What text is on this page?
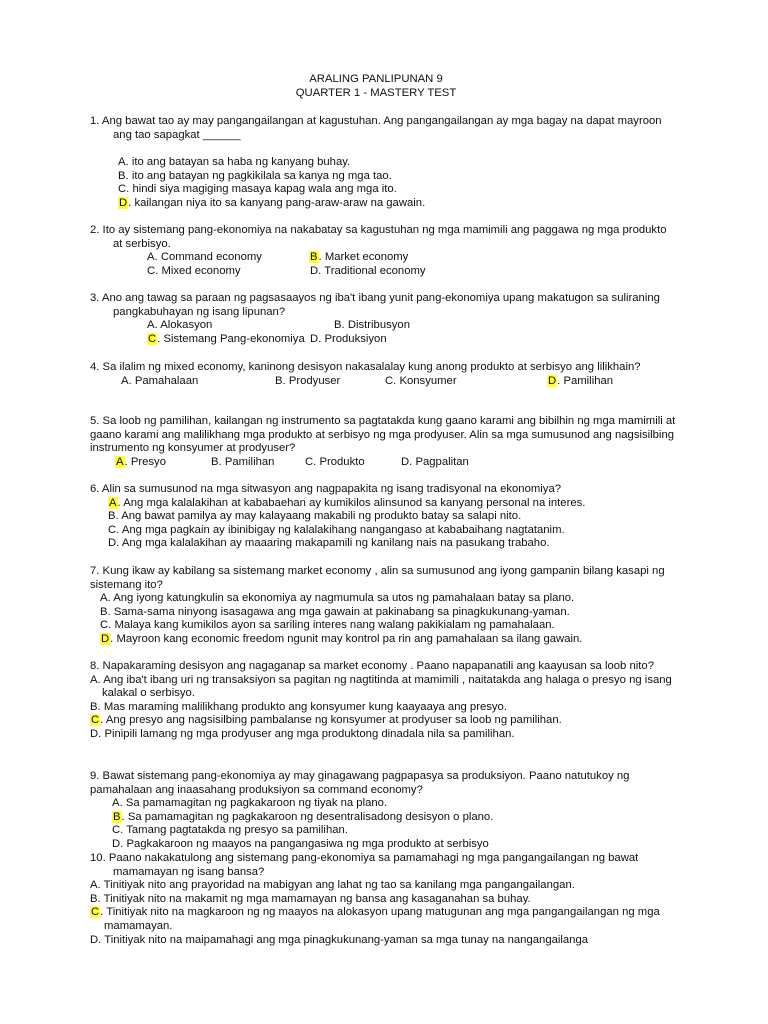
ARALING PANLIPUNAN 9
QUARTER 1 - MASTERY TEST
1. Ang bawat tao ay may pangangailangan at kagustuhan. Ang pangangailangan ay mga bagay na dapat mayroon ang tao sapagkat ______
A. ito ang batayan sa haba ng kanyang buhay.
B. ito ang batayan ng pagkikilala sa kanya ng mga tao.
C. hindi siya magiging masaya kapag wala ang mga ito.
D. kailangan niya ito sa kanyang pang-araw-araw na gawain.
2. Ito ay sistemang pang-ekonomiya na nakabatay sa kagustuhan ng mga mamimili ang paggawa ng mga produkto at serbisyo.
A. Command economy	B. Market economy
C. Mixed economy	D. Traditional economy
3. Ano ang tawag sa paraan ng pagsasaayos ng iba't ibang yunit pang-ekonomiya upang makatugon sa suliraning pangkabuhayan ng isang lipunan?
A. Alokasyon	B. Distribusyon
C. Sistemang Pang-ekonomiya D. Produksiyon
4. Sa ilalim ng mixed economy, kaninong desisyon nakasalalay kung anong produkto at serbisyo ang lilikhain?
A. Pamahalaan	B. Prodyuser	C. Konsyumer	D. Pamilihan
5. Sa loob ng pamilihan, kailangan ng instrumento sa pagtatakda kung gaano karami ang bibilhin ng mga mamimili at gaano karami ang malilikhang mga produkto at serbisyo ng mga prodyuser. Alin sa mga sumusunod ang nagsisilbing instrumento ng konsyumer at prodyuser?
A. Presyo	B. Pamilihan	C. Produkto	D. Pagpalitan
6. Alin sa sumusunod na mga sitwasyon ang nagpapakita ng isang tradisyonal na ekonomiya?
A. Ang mga kalalakihan at kababaehan ay kumikilos alinsunod sa kanyang personal na interes.
B. Ang bawat pamilya ay may kalayaang makabili ng produkto batay sa salapi nito.
C. Ang mga pagkain ay ibinibigay ng kalalakihang nangangaso at kababaihang nagtatanim.
D. Ang mga kalalakihan ay maaaring makapamili ng kanilang nais na pasukang trabaho.
7. Kung ikaw ay kabilang sa sistemang market economy , alin sa sumusunod ang iyong gampanin bilang kasapi ng sistemang ito?
A. Ang iyong katungkulin sa ekonomiya ay nagmumula sa utos ng pamahalaan batay sa plano.
B. Sama-sama ninyong isasagawa ang mga gawain at pakinabang sa pinagkukunang-yaman.
C. Malaya kang kumikilos ayon sa sariling interes nang walang pakikialam ng pamahalaan.
D. Mayroon kang economic freedom ngunit may kontrol pa rin ang pamahalaan sa ilang gawain.
8. Napakaraming desisyon ang nagaganap sa market economy . Paano napapanatili ang kaayusan sa loob nito?
A. Ang iba't ibang uri ng transaksiyon sa pagitan ng nagtitinda at mamimili , naitatakda ang halaga o presyo ng isang kalakal o serbisyo.
B. Mas maraming malilikhang produkto ang konsyumer kung kaayaaya ang presyo.
C. Ang presyo ang nagsisilbing pambalanse ng konsyumer at prodyuser sa loob ng pamilihan.
D. Pinipili lamang ng mga prodyuser ang mga produktong dinadala nila sa pamilihan.
9. Bawat sistemang pang-ekonomiya ay may ginagawang pagpapasya sa produksiyon. Paano natutukoy ng pamahalaan ang inaasahang produksiyon sa command economy?
A. Sa pamamagitan ng pagkakaroon ng tiyak na plano.
B. Sa pamamagitan ng pagkakaroon ng desentralisadong desisyon o plano.
C. Tamang pagtatakda ng presyo sa pamilihan.
D. Pagkakaroon ng maayos na pangangasiwa ng mga produkto at serbisyo
10. Paano nakakatulong ang sistemang pang-ekonomiya sa pamamahagi ng mga pangangailangan ng bawat mamamayan ng isang bansa?
A. Tinitiyak nito ang prayoridad na mabigyan ang lahat ng tao sa kanilang mga pangangailangan.
B. Tinitiyak nito na makamit ng mga mamamayan ng bansa ang kasaganahan sa buhay.
C. Tinitiyak nito na magkaroon ng ng maayos na alokasyon upang matugunan ang mga pangangailangan ng mga mamamayan.
D. Tinitiyak nito na maipamahagi ang mga pinagkukunang-yaman sa mga tunay na nangangailanga
